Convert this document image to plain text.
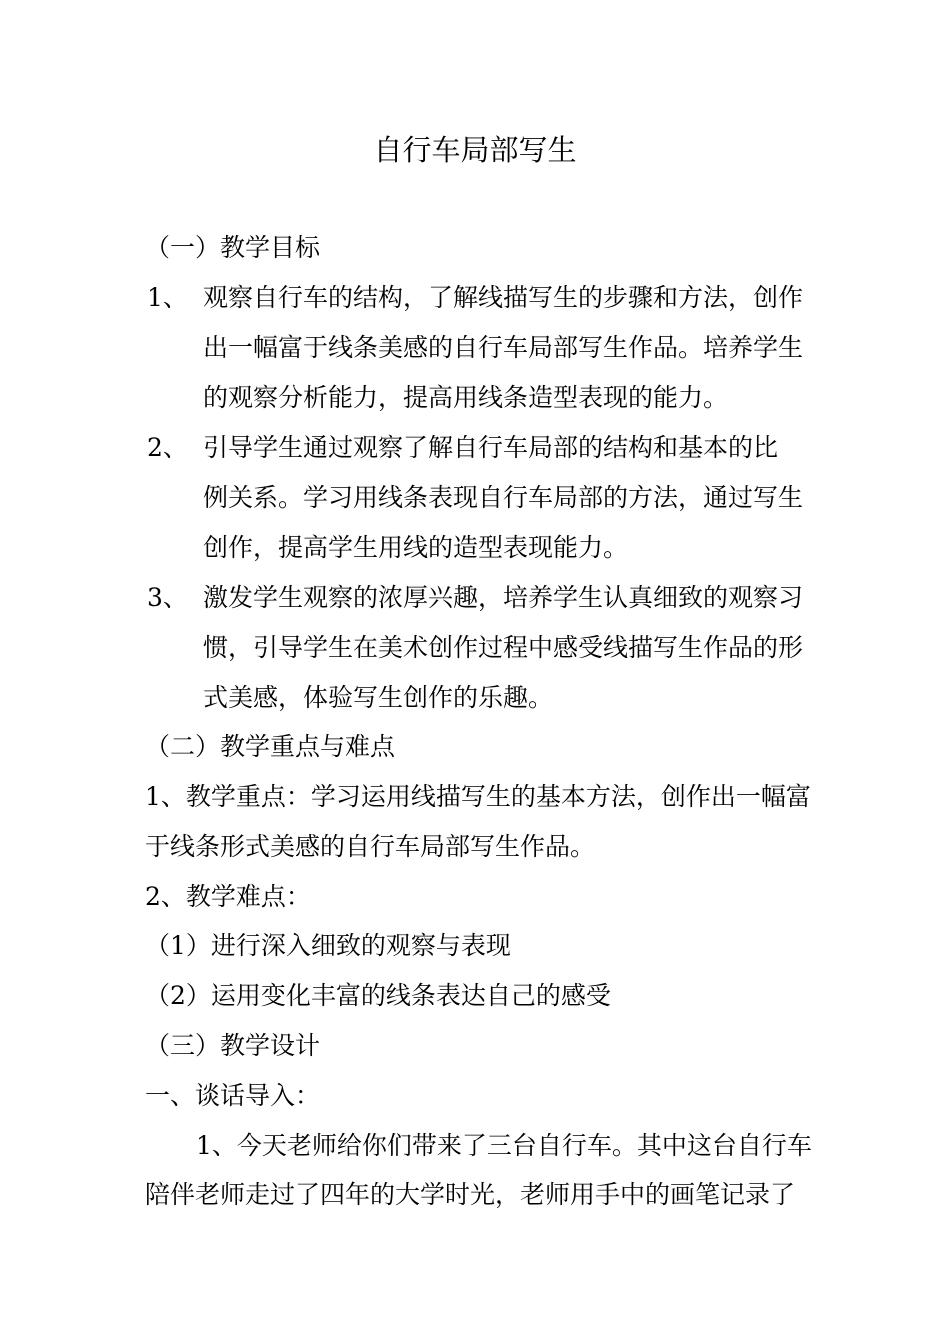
自行车局部写生
（一）教学目标
1、 观察自行车的结构，了解线描写生的步骤和方法，创作
出一幅富于线条美感的自行车局部写生作品。培养学生
的观察分析能力，提高用线条造型表现的能力。
2、 引导学生通过观察了解自行车局部的结构和基本的比
例关系。学习用线条表现自行车局部的方法，通过写生
创作，提高学生用线的造型表现能力。
3、 激发学生观察的浓厚兴趣，培养学生认真细致的观察习
惯，引导学生在美术创作过程中感受线描写生作品的形
式美感，体验写生创作的乐趣。
（二）教学重点与难点
1、教学重点：学习运用线描写生的基本方法，创作出一幅富
于线条形式美感的自行车局部写生作品。
2、教学难点：
（1）进行深入细致的观察与表现
（2）运用变化丰富的线条表达自己的感受
（三）教学设计
一、谈话导入：
1、今天老师给你们带来了三台自行车。其中这台自行车
陪伴老师走过了四年的大学时光，老师用手中的画笔记录了
